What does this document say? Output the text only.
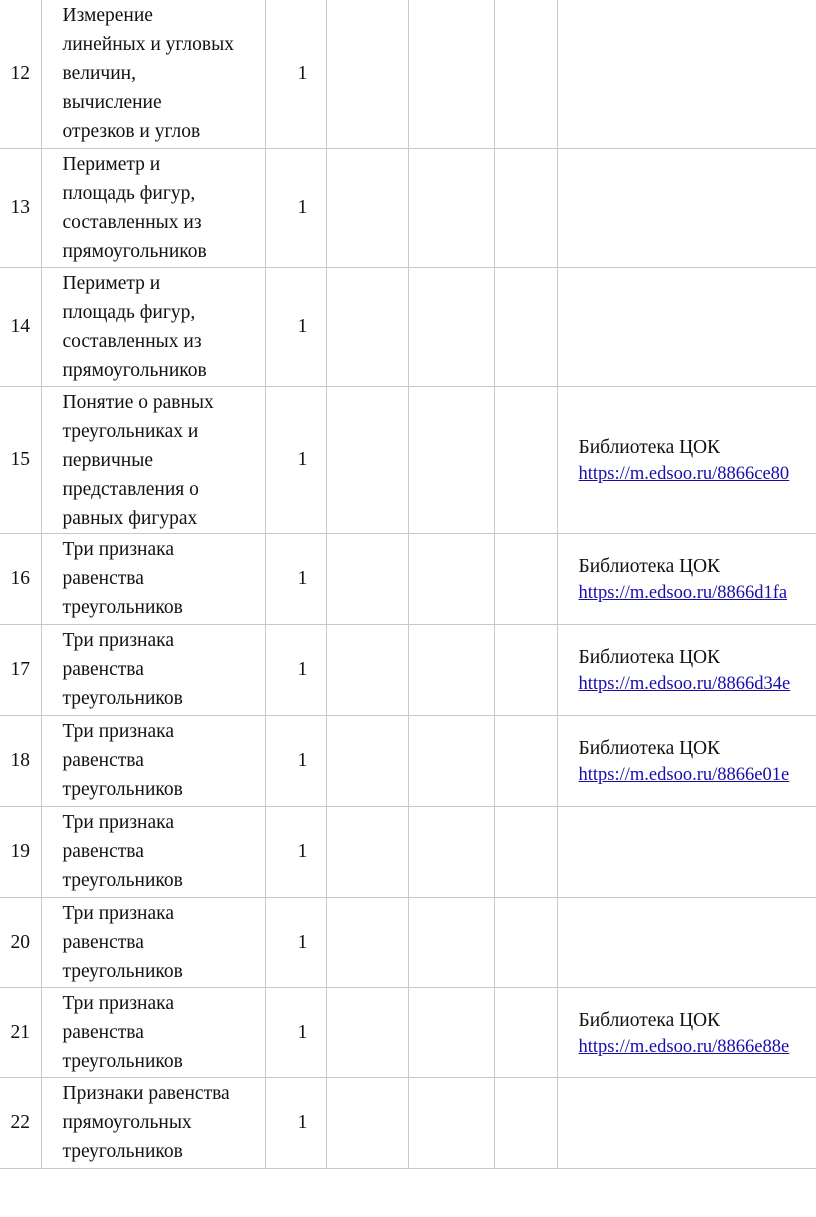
12	Измерение
линейных и угловых
величин,
вычисление
отрезков и углов	1				
13	Периметр и
площадь фигур,
составленных из
прямоугольников	1				
14	Периметр и
площадь фигур,
составленных из
прямоугольников	1				
15	Понятие о равных
треугольниках и
первичные
представления о
равных фигурах	1				Библиотека ЦОК
https://m.edsoo.ru/8866ce80

16	Три признака
равенства
треугольников	1				Библиотека ЦОК
https://m.edsoo.ru/8866d1fa

17	Три признака
равенства
треугольников	1				Библиотека ЦОК
https://m.edsoo.ru/8866d34e

18	Три признака
равенства
треугольников	1				Библиотека ЦОК
https://m.edsoo.ru/8866e01e

19	Три признака
равенства
треугольников	1				
20	Три признака
равенства
треугольников	1				
21	Три признака
равенства
треугольников	1				Библиотека ЦОК
https://m.edsoo.ru/8866e88e

22	Признаки равенства
прямоугольных
треугольников	1				
